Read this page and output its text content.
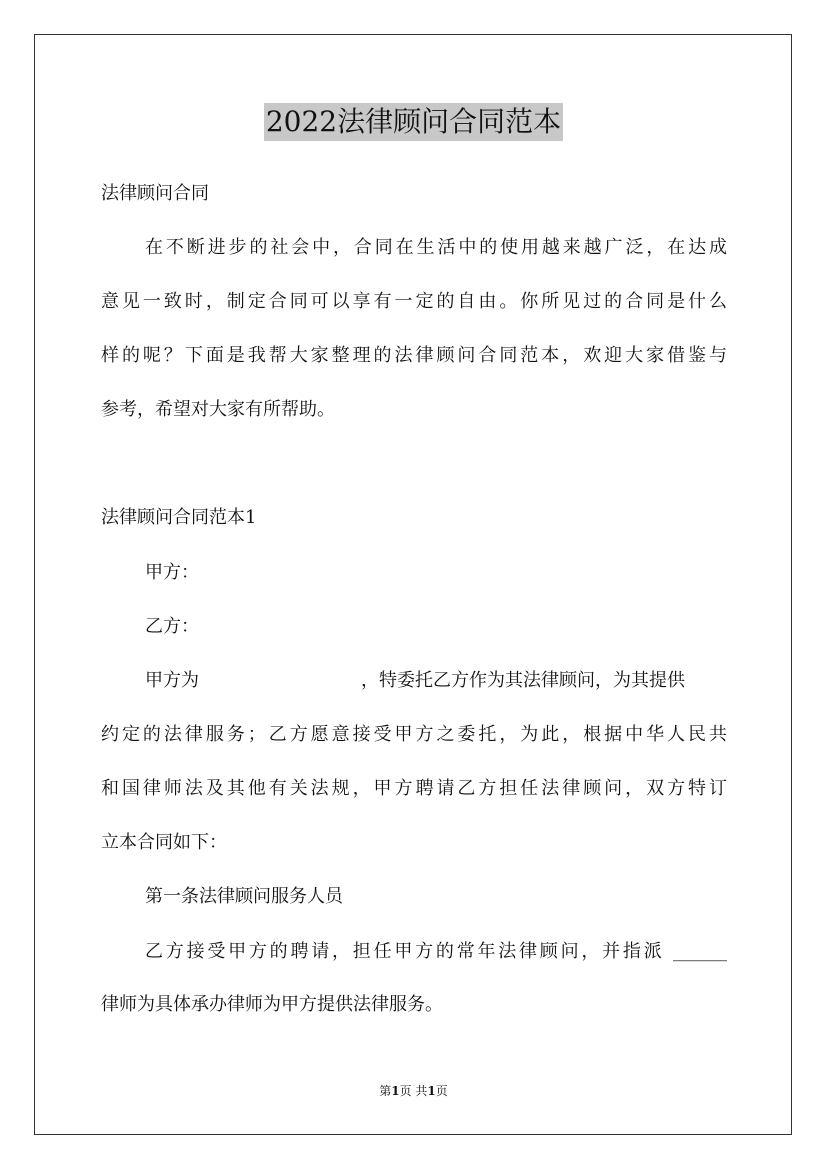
2022法律顾问合同范本
法律顾问合同
在不断进步的社会中，合同在生活中的使用越来越广泛，在达成
意见一致时，制定合同可以享有一定的自由。你所见过的合同是什么
样的呢？下面是我帮大家整理的法律顾问合同范本，欢迎大家借鉴与
参考，希望对大家有所帮助。
法律顾问合同范本1
甲方：
乙方：
甲方为	，特委托乙方作为其法律顾问，为其提供
约定的法律服务；乙方愿意接受甲方之委托，为此，根据中华人民共
和国律师法及其他有关法规，甲方聘请乙方担任法律顾问，双方特订
立本合同如下：
第一条法律顾问服务人员
乙方接受甲方的聘请，担任甲方的常年法律顾问，并指派 ______
律师为具体承办律师为甲方提供法律服务。
第1页 共1页
